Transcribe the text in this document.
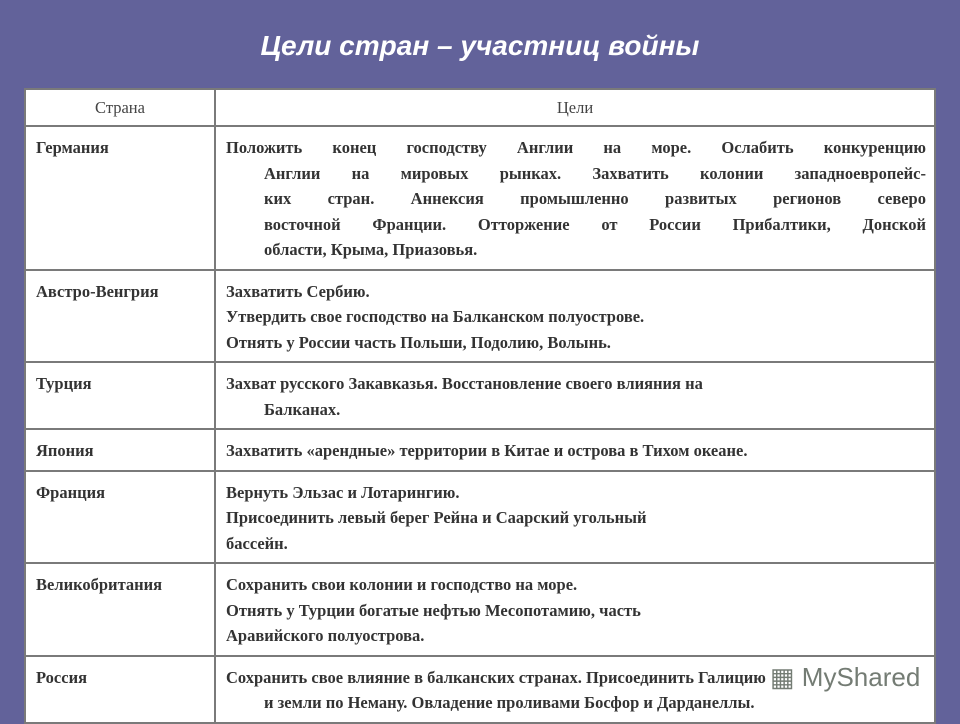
Цели стран – участниц войны
Страна	Цели
Германия	Положить конец господству Англии на море. Ослабить конкуренцию
Англии на мировых рынках. Захватить колонии западноевропейс-
ких стран. Аннексия промышленно развитых регионов северо
восточной Франции. Отторжение от России Прибалтики, Донской
области, Крыма, Приазовья.

Австро-Венгрия	Захватить Сербию.
Утвердить свое господство на Балканском полуострове.
Отнять у России часть Польши, Подолию, Волынь.

Турция	Захват русского Закавказья. Восстановление своего влияния на
Балканах.

Япония	Захватить «арендные» территории в Китае и острова в Тихом океане.

Франция	Вернуть Эльзас и Лотарингию.
Присоединить левый берег Рейна и Саарский угольный
бассейн.

Великобритания	Сохранить свои колонии и господство на море.
Отнять у Турции богатые нефтью Месопотамию, часть
Аравийского полуострова.

Россия	Сохранить свое влияние в балканских странах. Присоединить Галицию
и земли по Неману. Овладение проливами Босфор и Дарданеллы.
▦ MyShared
